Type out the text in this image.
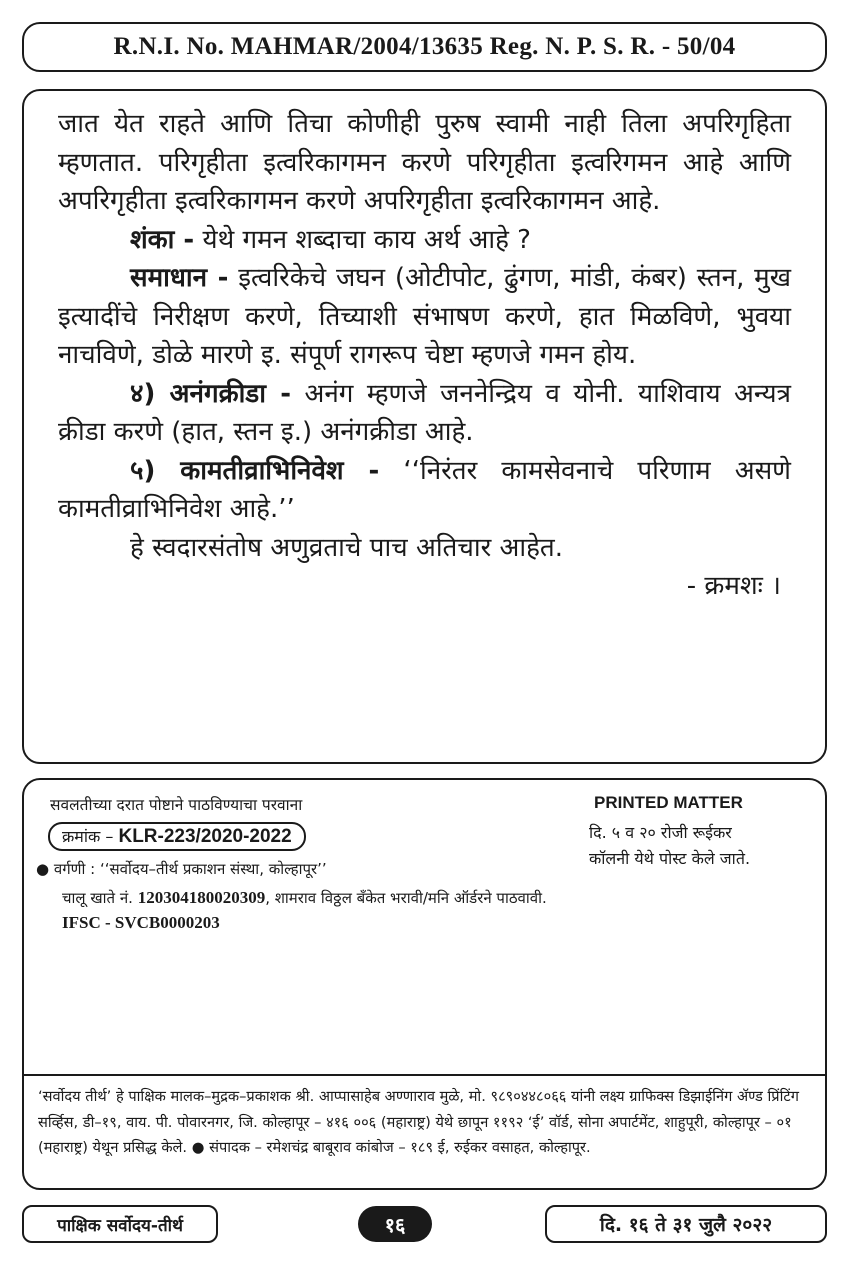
R.N.I. No. MAHMAR/2004/13635 Reg. N. P. S. R. - 50/04

जात येत राहते आणि तिचा कोणीही पुरुष स्वामी नाही तिला अपरिगृहिता म्हणतात. परिगृहीता इत्वरिकागमन करणे परिगृहीता इत्वरिगमन आहे आणि अपरिगृहीता इत्वरिकागमन करणे अपरिगृहीता इत्वरिकागमन आहे.

शंका - येथे गमन शब्दाचा काय अर्थ आहे ?

समाधान - इत्वरिकेचे जघन (ओटीपोट, ढुंगण, मांडी, कंबर) स्तन, मुख इत्यादींचे निरीक्षण करणे, तिच्याशी संभाषण करणे, हात मिळविणे, भुवया नाचविणे, डोळे मारणे इ. संपूर्ण रागरूप चेष्टा म्हणजे गमन होय.

४) अनंगक्रीडा - अनंग म्हणजे जननेन्द्रिय व योनी. याशिवाय अन्यत्र क्रीडा करणे (हात, स्तन इ.) अनंगक्रीडा आहे.

५) कामतीव्राभिनिवेश - ‘‘निरंतर कामसेवनाचे परिणाम असणे कामतीव्राभिनिवेश आहे.’’

हे स्वदारसंतोष अणुव्रताचे पाच अतिचार आहेत.

- क्रमशः ।

सवलतीच्या दरात पोष्टाने पाठविण्याचा परवाना
क्रमांक – KLR-223/2020-2022
PRINTED MATTER
दि. ५ व २० रोजी रूईकर
कॉलनी येथे पोस्ट केले जाते.
● वर्गणी : ‘‘सर्वोदय–तीर्थ प्रकाशन संस्था, कोल्हापूर’’
चालू खाते नं. 120304180020309, शामराव विठ्ठल बँकेत भरावी/मनि ऑर्डरने पाठवावी.
IFSC - SVCB0000203
‘सर्वोदय तीर्थ’ हे पाक्षिक मालक–मुद्रक–प्रकाशक श्री. आप्पासाहेब अण्णाराव मुळे, मो. ९८९०४४८०६६ यांनी लक्ष्य ग्राफिक्स डिझाईनिंग ॲण्ड प्रिंटिंग सर्व्हिस, डी–१९, वाय. पी. पोवारनगर, जि. कोल्हापूर – ४१६ ००६ (महाराष्ट्र) येथे छापून ११९२ ‘ई’ वॉर्ड, सोना अपार्टमेंट, शाहुपूरी, कोल्हापूर – ०१ (महाराष्ट्र) येथून प्रसिद्ध केले. ● संपादक – रमेशचंद्र बाबूराव कांबोज – १८९ ई, रुईकर वसाहत, कोल्हापूर.
पाक्षिक सर्वोदय-तीर्थ	१६	दि. १६ ते ३१ जुलै २०२२
